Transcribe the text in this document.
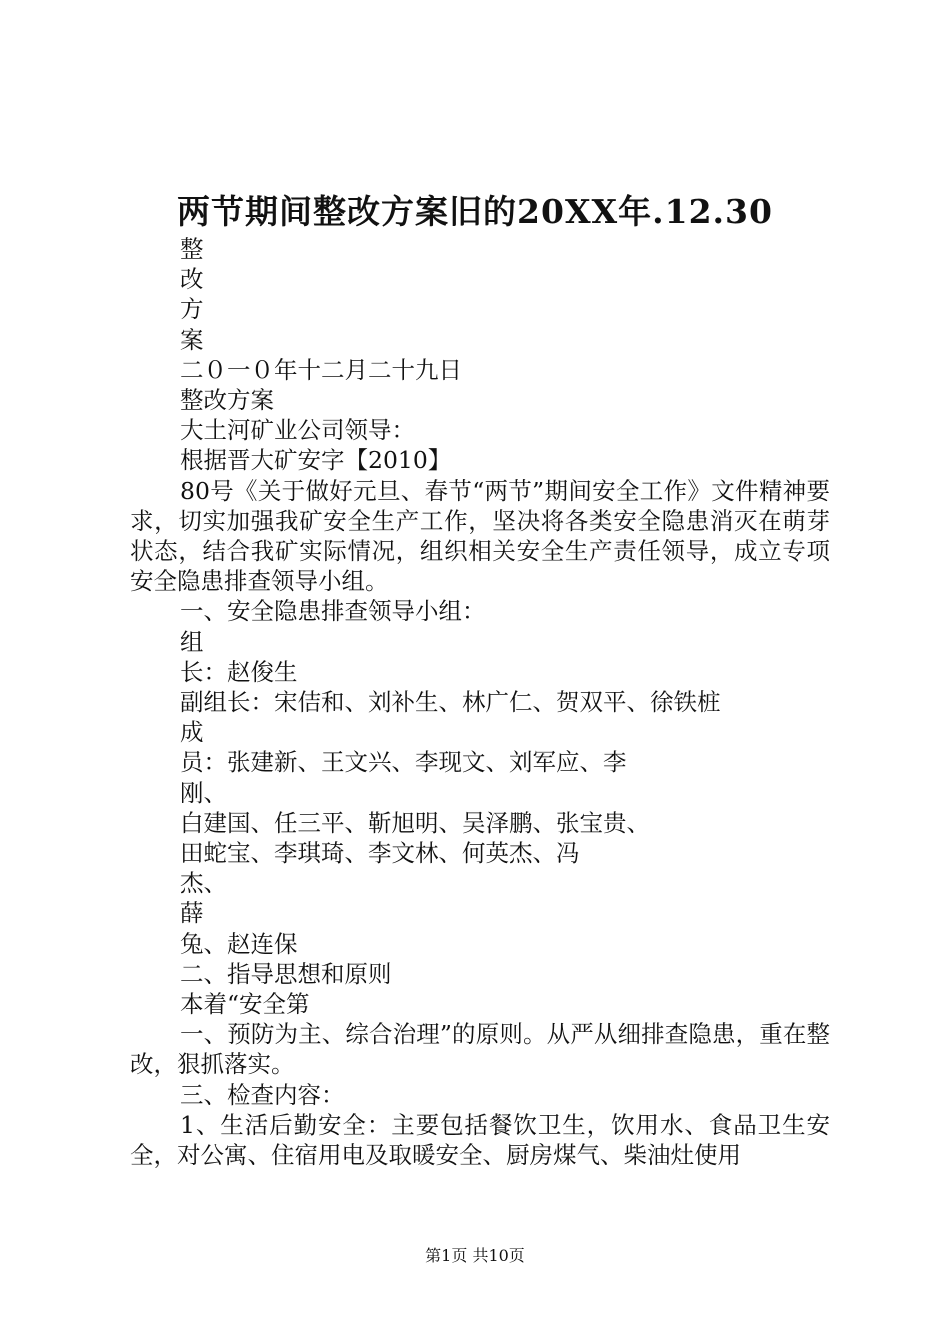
两节期间整改方案旧的20XX年.12.30
整
改
方
案
二０一０年十二月二十九日
整改方案
大土河矿业公司领导：
根据晋大矿安字【2010】
80号《关于做好元旦、春节“两节”期间安全工作》文件精神要求，切实加强我矿安全生产工作，坚决将各类安全隐患消灭在萌芽状态，结合我矿实际情况，组织相关安全生产责任领导，成立专项安全隐患排查领导小组。
一、安全隐患排查领导小组：
组
长：赵俊生
副组长：宋佶和、刘补生、林广仁、贺双平、徐铁桩
成
员：张建新、王文兴、李现文、刘军应、李
刚、
白建国、任三平、靳旭明、吴泽鹏、张宝贵、
田蛇宝、李琪琦、李文林、何英杰、冯
杰、
薛
兔、赵连保
二、指导思想和原则
本着“安全第
一、预防为主、综合治理”的原则。从严从细排查隐患，重在整改，狠抓落实。
三、检查内容：
1、生活后勤安全：主要包括餐饮卫生，饮用水、食品卫生安全，对公寓、住宿用电及取暖安全、厨房煤气、柴油灶使用
第1页 共10页
